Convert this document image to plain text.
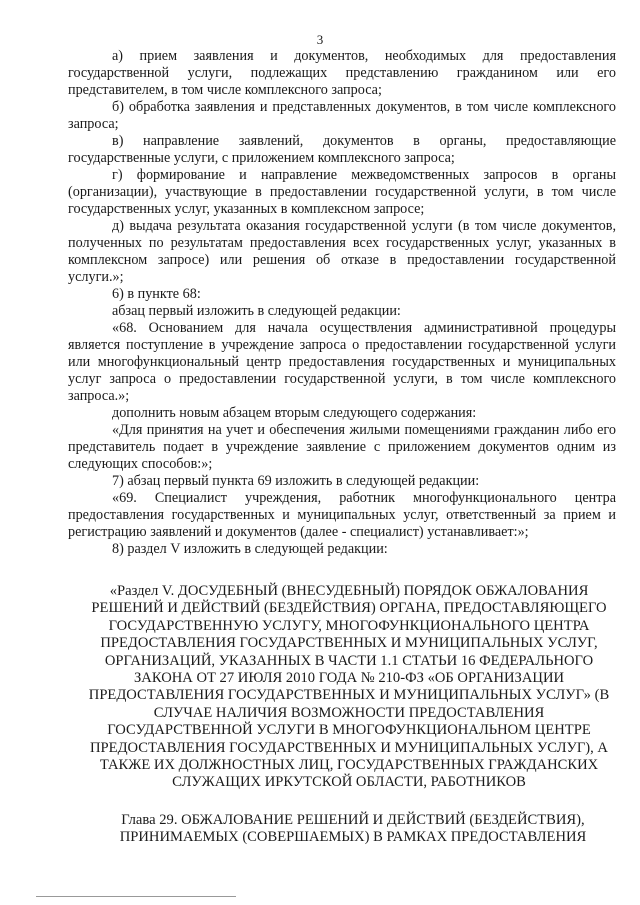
3

а) прием заявления и документов, необходимых для предоставления государственной услуги, подлежащих представлению гражданином или его представителем, в том числе комплексного запроса;

б) обработка заявления и представленных документов, в том числе комплексного запроса;

в) направление заявлений, документов в органы, предоставляющие государственные услуги, с приложением комплексного запроса;

г) формирование и направление межведомственных запросов в органы (организации), участвующие в предоставлении государственной услуги, в том числе государственных услуг, указанных в комплексном запросе;

д) выдача результата оказания государственной услуги (в том числе документов, полученных по результатам предоставления всех государственных услуг, указанных в комплексном запросе) или решения об отказе в предоставлении государственной услуги.»;

6) в пункте 68:

абзац первый изложить в следующей редакции:

«68. Основанием для начала осуществления административной процедуры является поступление в учреждение запроса о предоставлении государственной услуги или многофункциональный центр предоставления государственных и муниципальных услуг запроса о предоставлении государственной услуги, в том числе комплексного запроса.»;

дополнить новым абзацем вторым следующего содержания:

«Для принятия на учет и обеспечения жилыми помещениями гражданин либо его представитель подает в учреждение заявление с приложением документов одним из следующих способов:»;

7) абзац первый пункта 69 изложить в следующей редакции:

«69. Специалист учреждения, работник многофункционального центра предоставления государственных и муниципальных услуг, ответственный за прием и регистрацию заявлений и документов (далее - специалист) устанавливает:»;

8) раздел V изложить в следующей редакции:

«Раздел V. ДОСУДЕБНЫЙ (ВНЕСУДЕБНЫЙ) ПОРЯДОК ОБЖАЛОВАНИЯ РЕШЕНИЙ И ДЕЙСТВИЙ (БЕЗДЕЙСТВИЯ) ОРГАНА, ПРЕДОСТАВЛЯЮЩЕГО ГОСУДАРСТВЕННУЮ УСЛУГУ, МНОГОФУНКЦИОНАЛЬНОГО ЦЕНТРА ПРЕДОСТАВЛЕНИЯ ГОСУДАРСТВЕННЫХ И МУНИЦИПАЛЬНЫХ УСЛУГ, ОРГАНИЗАЦИЙ, УКАЗАННЫХ В ЧАСТИ 1.1 СТАТЬИ 16 ФЕДЕРАЛЬНОГО ЗАКОНА ОТ 27 ИЮЛЯ 2010 ГОДА № 210-ФЗ «ОБ ОРГАНИЗАЦИИ ПРЕДОСТАВЛЕНИЯ ГОСУДАРСТВЕННЫХ И МУНИЦИПАЛЬНЫХ УСЛУГ» (В СЛУЧАЕ НАЛИЧИЯ ВОЗМОЖНОСТИ ПРЕДОСТАВЛЕНИЯ ГОСУДАРСТВЕННОЙ УСЛУГИ В МНОГОФУНКЦИОНАЛЬНОМ ЦЕНТРЕ ПРЕДОСТАВЛЕНИЯ ГОСУДАРСТВЕННЫХ И МУНИЦИПАЛЬНЫХ УСЛУГ), А ТАКЖЕ ИХ ДОЛЖНОСТНЫХ ЛИЦ, ГОСУДАРСТВЕННЫХ ГРАЖДАНСКИХ СЛУЖАЩИХ ИРКУТСКОЙ ОБЛАСТИ, РАБОТНИКОВ
Глава 29. ОБЖАЛОВАНИЕ РЕШЕНИЙ И ДЕЙСТВИЙ (БЕЗДЕЙСТВИЯ), ПРИНИМАЕМЫХ (СОВЕРШАЕМЫХ) В РАМКАХ ПРЕДОСТАВЛЕНИЯ
